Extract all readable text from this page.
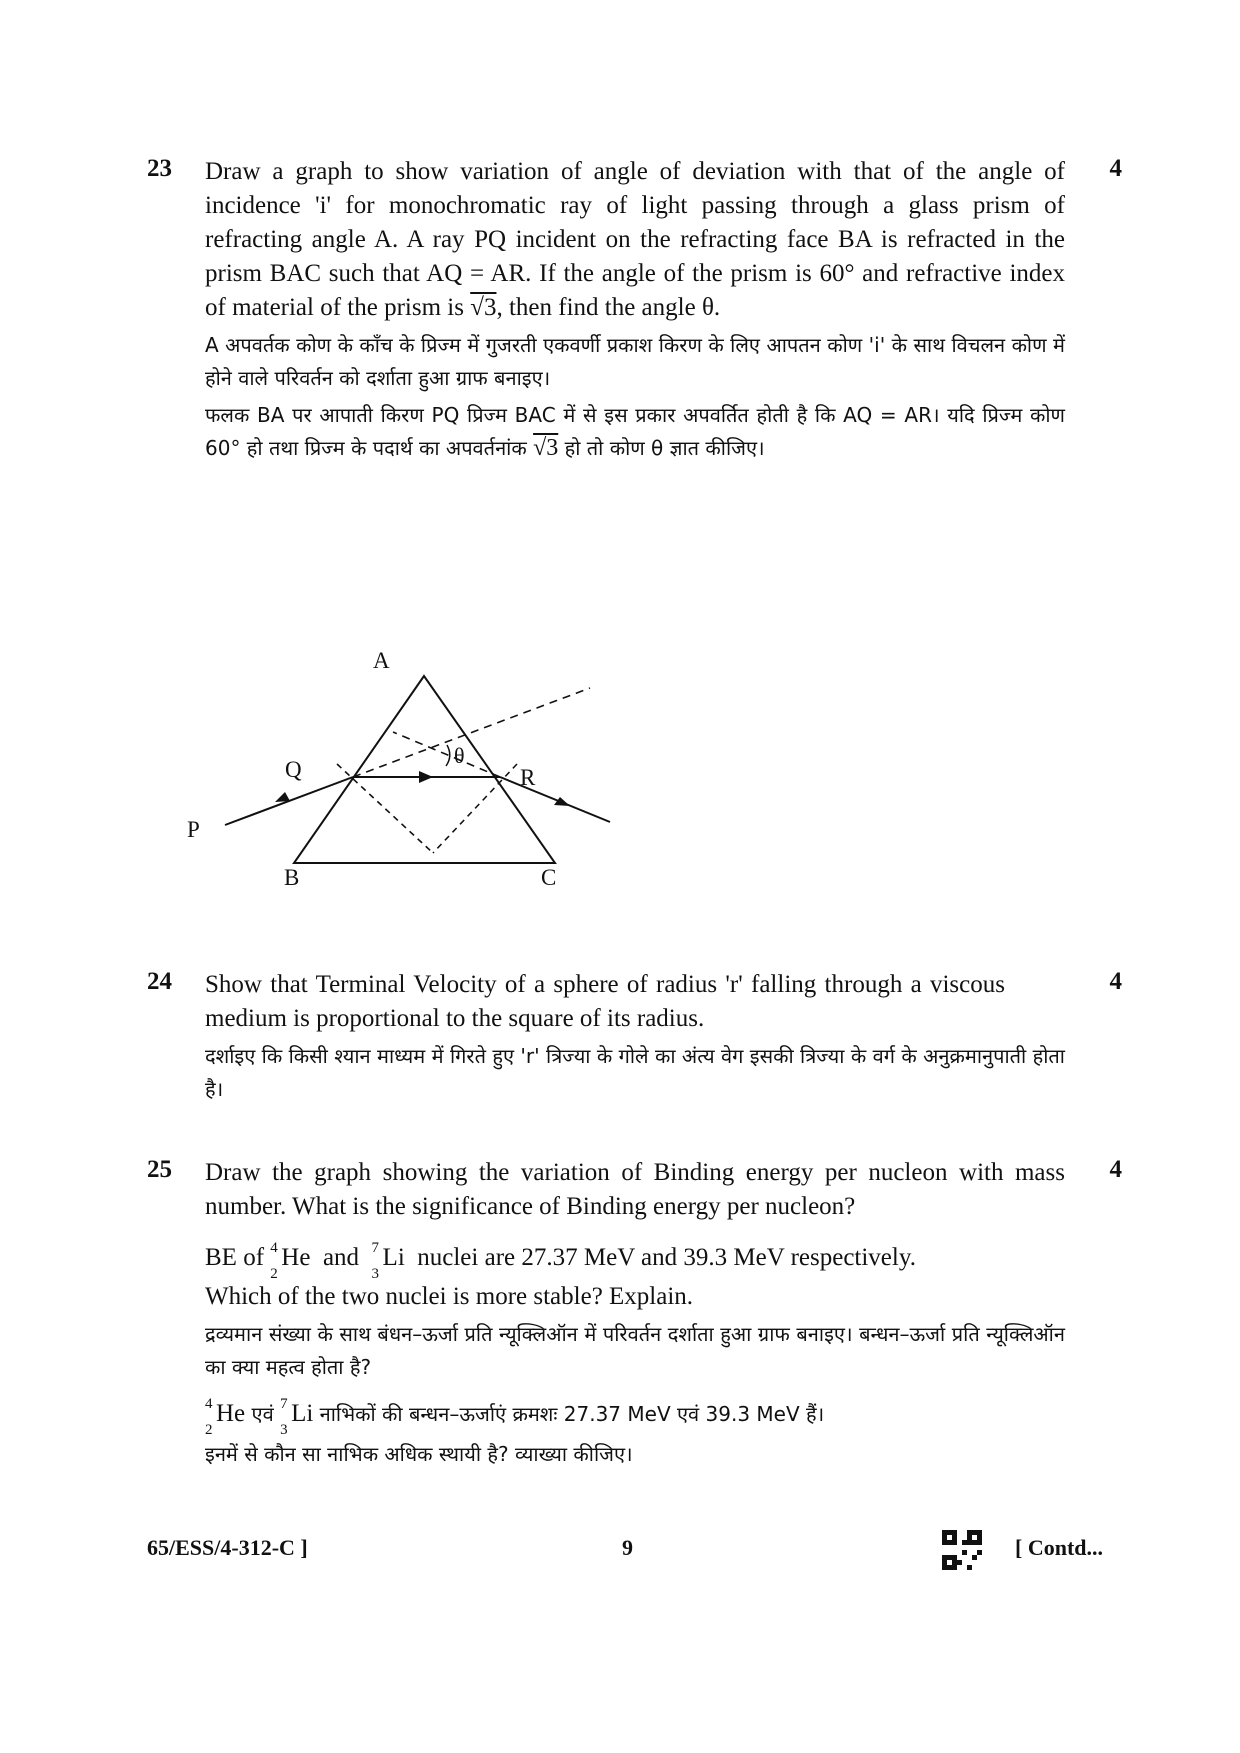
23	4

Draw a graph to show variation of angle of deviation with that of the angle of incidence 'i' for monochromatic ray of light passing through a glass prism of refracting angle A. A ray PQ incident on the refracting face BA is refracted in the prism BAC such that AQ = AR. If the angle of the prism is 60° and refractive index of material of the prism is √3, then find the angle θ.

A अपवर्तक कोण के काँच के प्रिज्म में गुजरती एकवर्णी प्रकाश किरण के लिए आपतन कोण 'i' के साथ विचलन कोण में होने वाले परिवर्तन को दर्शाता हुआ ग्राफ बनाइए।

फलक BA पर आपाती किरण PQ प्रिज्म BAC में से इस प्रकार अपवर्तित होती है कि AQ = AR। यदि प्रिज्म कोण 60° हो तथा प्रिज्म के पदार्थ का अपवर्तनांक √3 हो तो कोण θ ज्ञात कीजिए।

A
θ
Q	R
P
B	C
24	4

Show that Terminal Velocity of a sphere of radius 'r' falling through a viscous medium is proportional to the square of its radius.

दर्शाइए कि किसी श्यान माध्यम में गिरते हुए 'r' त्रिज्या के गोले का अंत्य वेग इसकी त्रिज्या के वर्ग के अनुक्रमानुपाती होता है।

25	4

Draw the graph showing the variation of Binding energy per nucleon with mass number. What is the significance of Binding energy per nucleon?

BE of 4
2
He and 7
3
Li nuclei are 27.37 MeV and 39.3 MeV respectively.

Which of the two nuclei is more stable? Explain.

द्रव्यमान संख्या के साथ बंधन–ऊर्जा प्रति न्यूक्लिऑन में परिवर्तन दर्शाता हुआ ग्राफ बनाइए। बन्धन–ऊर्जा प्रति न्यूक्लिऑन का क्या महत्व होता है?

4
2
He एवं 7
3
Li नाभिकों की बन्धन–ऊर्जाएं क्रमशः 27.37 MeV एवं 39.3 MeV हैं।

इनमें से कौन सा नाभिक अधिक स्थायी है? व्याख्या कीजिए।

65/ESS/4-312-C ]	9	[ Contd...
